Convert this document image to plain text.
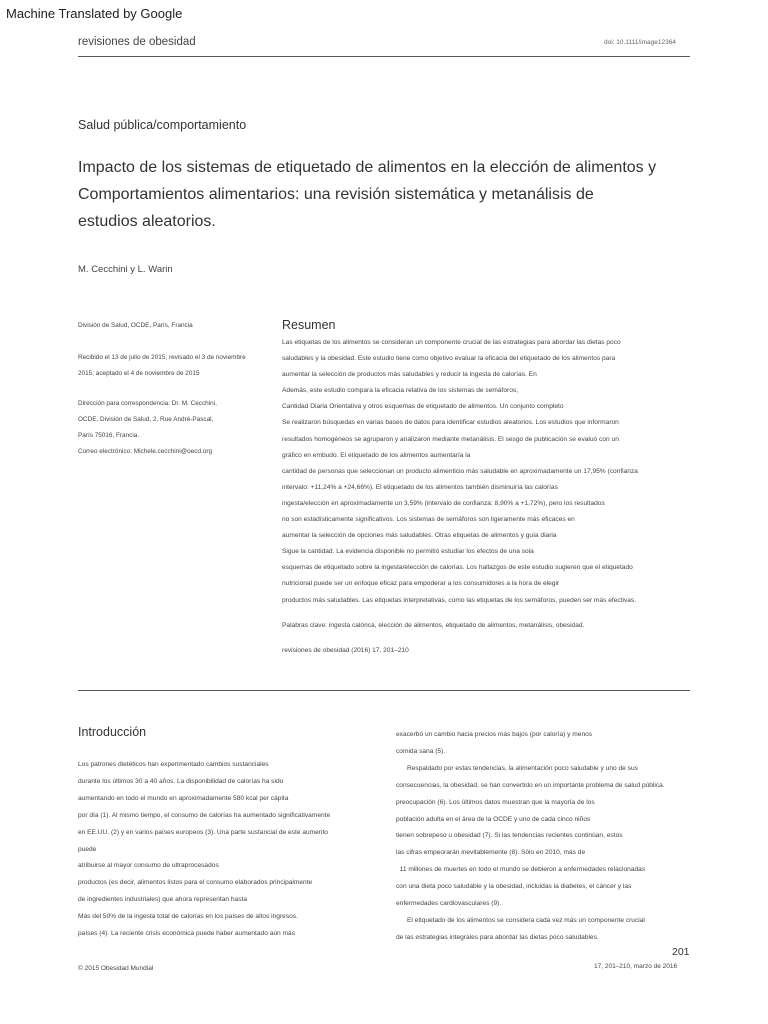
Machine Translated by Google
revisiones de obesidad	doi: 10.1111/image12364
Salud pública/comportamiento
Impacto de los sistemas de etiquetado de alimentos en la elección de alimentos y
Comportamientos alimentarios: una revisión sistemática y metanálisis de
estudios aleatorios.
M. Cecchini y L. Warin
División de Salud, OCDE, París, Francia
Recibido el 13 de julio de 2015; revisado el 3 de noviembre
2015; aceptado el 4 de noviembre de 2015
Dirección para correspondencia: Dr. M. Cecchini,
OCDE, División de Salud, 2, Rue André-Pascal,
París 75016, Francia.
Correo electrónico: Michele.cecchini@oecd.org
Resumen
Las etiquetas de los alimentos se consideran un componente crucial de las estrategias para abordar las dietas poco
saludables y la obesidad. Este estudio tiene como objetivo evaluar la eficacia del etiquetado de los alimentos para
aumentar la selección de productos más saludables y reducir la ingesta de calorías. En
Además, este estudio compara la eficacia relativa de los sistemas de semáforos,
Cantidad Diaria Orientativa y otros esquemas de etiquetado de alimentos. Un conjunto completo
Se realizaron búsquedas en varias bases de datos para identificar estudios aleatorios. Los estudios que informaron
resultados homogéneos se agruparon y analizaron mediante metanálisis. El sesgo de publicación se evaluó con un
gráfico en embudo. El etiquetado de los alimentos aumentaría la
cantidad de personas que seleccionan un producto alimenticio más saludable en aproximadamente un 17,95% (confianza
intervalo: +11,24% a +24,66%). El etiquetado de los alimentos también disminuiría las calorías
ingesta/elección en aproximadamente un 3,59% (intervalo de confianza: 8,90% a +1,72%), pero los resultados
no son estadísticamente significativos. Los sistemas de semáforos son ligeramente más eficaces en
aumentar la selección de opciones más saludables. Otras etiquetas de alimentos y guía diaria
Sigue la cantidad. La evidencia disponible no permitió estudiar los efectos de una sola
esquemas de etiquetado sobre la ingesta/elección de calorías. Los hallazgos de este estudio sugieren que el etiquetado
nutricional puede ser un enfoque eficaz para empoderar a los consumidores a la hora de elegir
productos más saludables. Las etiquetas interpretativas, como las etiquetas de los semáforos, pueden ser más efectivas.
Palabras clave: ingesta calórica, elección de alimentos, etiquetado de alimentos, metanálisis, obesidad.
revisiones de obesidad (2016) 17, 201–210
Introducción
Los patrones dietéticos han experimentado cambios sustanciales
durante los últimos 30 a 40 años. La disponibilidad de calorías ha sido
aumentando en todo el mundo en aproximadamente 580 kcal per cápita
por día (1). Al mismo tiempo, el consumo de calorías ha aumentado significativamente
en EE.UU. (2) y en varios países europeos (3). Una parte sustancial de este aumento
puede
atribuirse al mayor consumo de ultraprocesados
productos (es decir, alimentos listos para el consumo elaborados principalmente
de ingredientes industriales) que ahora representan hasta
Más del 50% de la ingesta total de calorías en los países de altos ingresos.
países (4). La reciente crisis económica puede haber aumentado aún más
exacerbó un cambio hacia precios más bajos (por caloría) y menos
comida sana (5).
Respaldado por estas tendencias, la alimentación poco saludable y uno de sus
consecuencias, la obesidad, se han convertido en un importante problema de salud pública.
preocupación (6). Los últimos datos muestran que la mayoría de los
población adulta en el área de la OCDE y uno de cada cinco niños
tienen sobrepeso u obesidad (7). Si las tendencias recientes continúan, estos
las cifras empeorarán inevitablemente (8). Sólo en 2010, más de
11 millones de muertes en todo el mundo se debieron a enfermedades relacionadas
con una dieta poco saludable y la obesidad, incluidas la diabetes, el cáncer y las
enfermedades cardiovasculares (9).
El etiquetado de los alimentos se considera cada vez más un componente crucial
de las estrategias integrales para abordar las dietas poco saludables.
201
© 2015 Obesidad Mundial	17, 201–210, marzo de 2016
